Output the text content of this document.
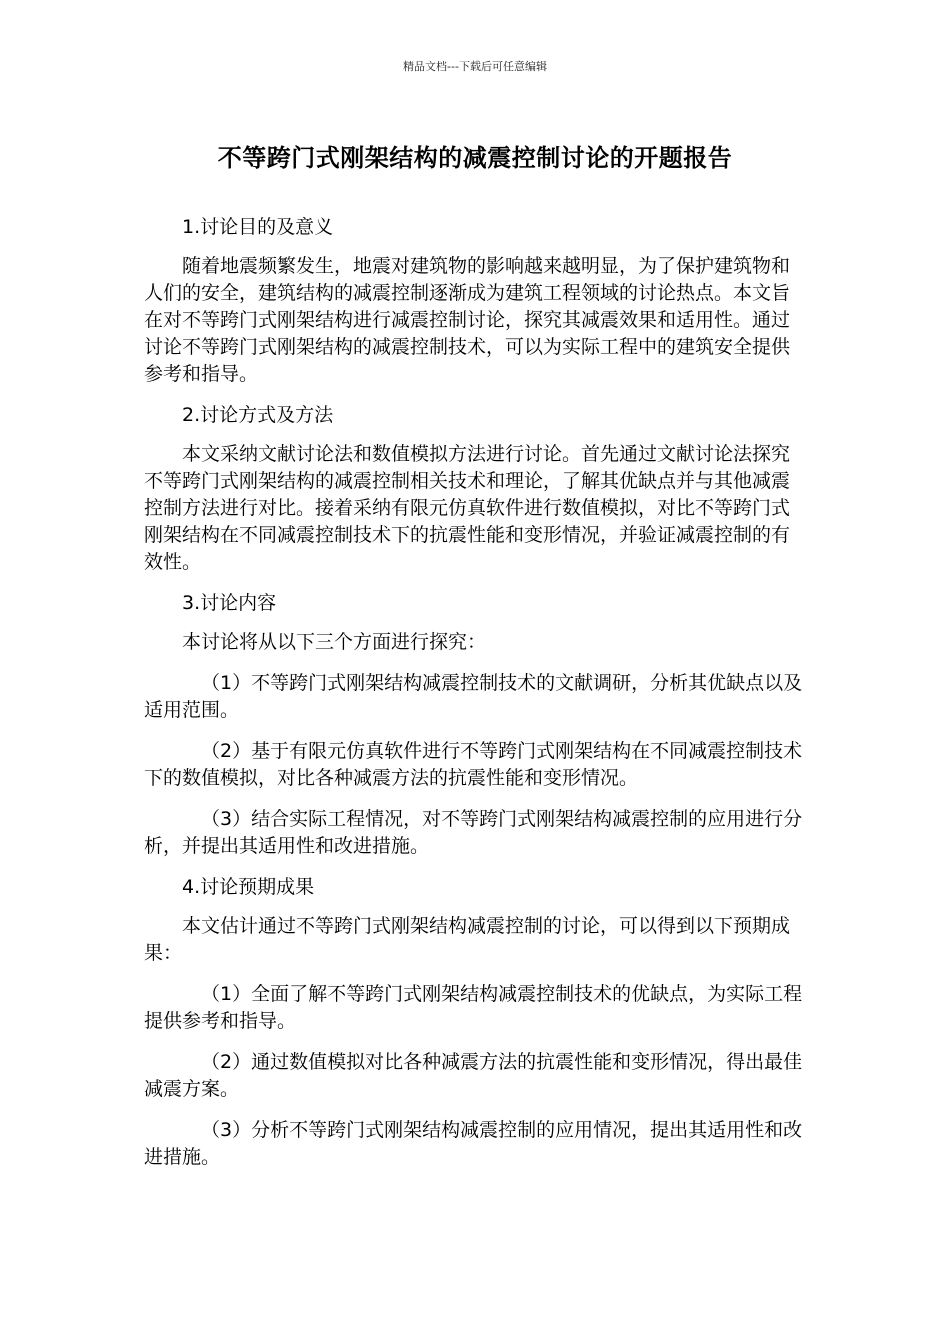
精品文档---下载后可任意编辑
不等跨门式刚架结构的减震控制讨论的开题报告

1.讨论目的及意义

随着地震频繁发生，地震对建筑物的影响越来越明显，为了保护建筑物和人们的安全，建筑结构的减震控制逐渐成为建筑工程领域的讨论热点。本文旨在对不等跨门式刚架结构进行减震控制讨论，探究其减震效果和适用性。通过讨论不等跨门式刚架结构的减震控制技术，可以为实际工程中的建筑安全提供参考和指导。

2.讨论方式及方法

本文采纳文献讨论法和数值模拟方法进行讨论。首先通过文献讨论法探究不等跨门式刚架结构的减震控制相关技术和理论，了解其优缺点并与其他减震控制方法进行对比。接着采纳有限元仿真软件进行数值模拟，对比不等跨门式刚架结构在不同减震控制技术下的抗震性能和变形情况，并验证减震控制的有效性。

3.讨论内容

本讨论将从以下三个方面进行探究：

（1）不等跨门式刚架结构减震控制技术的文献调研，分析其优缺点以及适用范围。

（2）基于有限元仿真软件进行不等跨门式刚架结构在不同减震控制技术下的数值模拟，对比各种减震方法的抗震性能和变形情况。

（3）结合实际工程情况，对不等跨门式刚架结构减震控制的应用进行分析，并提出其适用性和改进措施。

4.讨论预期成果

本文估计通过不等跨门式刚架结构减震控制的讨论，可以得到以下预期成果：

（1）全面了解不等跨门式刚架结构减震控制技术的优缺点，为实际工程提供参考和指导。

（2）通过数值模拟对比各种减震方法的抗震性能和变形情况，得出最佳减震方案。

（3）分析不等跨门式刚架结构减震控制的应用情况，提出其适用性和改进措施。
